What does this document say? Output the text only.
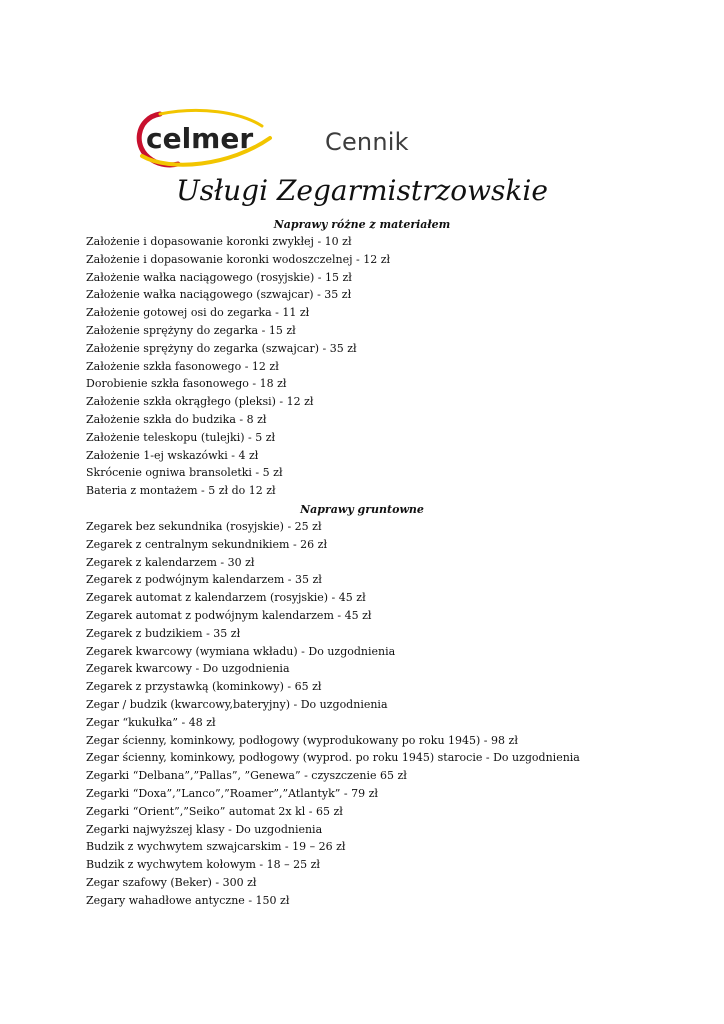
celmer	Cennik
Usługi Zegarmistrzowskie
Naprawy różne z materiałem
Założenie i dopasowanie koronki zwykłej - 10 zł
Założenie i dopasowanie koronki wodoszczelnej - 12 zł
Założenie wałka naciągowego (rosyjskie) - 15 zł
Założenie wałka naciągowego (szwajcar) - 35 zł
Założenie gotowej osi do zegarka - 11 zł
Założenie sprężyny do zegarka - 15 zł
Założenie sprężyny do zegarka (szwajcar) - 35 zł
Założenie szkła fasonowego - 12 zł
Dorobienie szkła fasonowego - 18 zł
Założenie szkła okrągłego (pleksi) - 12 zł
Założenie szkła do budzika - 8 zł
Założenie teleskopu (tulejki) - 5 zł
Założenie 1-ej wskazówki - 4 zł
Skrócenie ogniwa bransoletki - 5 zł
Bateria z montażem - 5 zł do 12 zł
Naprawy gruntowne
Zegarek bez sekundnika (rosyjskie) - 25 zł
Zegarek z centralnym sekundnikiem - 26 zł
Zegarek z kalendarzem - 30 zł
Zegarek z podwójnym kalendarzem - 35 zł
Zegarek automat z kalendarzem (rosyjskie) - 45 zł
Zegarek automat z podwójnym kalendarzem - 45 zł
Zegarek z budzikiem - 35 zł
Zegarek kwarcowy (wymiana wkładu) - Do uzgodnienia
Zegarek kwarcowy - Do uzgodnienia
Zegarek z przystawką (kominkowy) - 65 zł
Zegar / budzik (kwarcowy,bateryjny) - Do uzgodnienia
Zegar “kukułka” - 48 zł
Zegar ścienny, kominkowy, podłogowy (wyprodukowany po roku 1945) - 98 zł
Zegar ścienny, kominkowy, podłogowy (wyprod. po roku 1945) starocie - Do uzgodnienia
Zegarki “Delbana”,”Pallas”, ”Genewa” - czyszczenie 65 zł
Zegarki “Doxa”,”Lanco”,”Roamer”,”Atlantyk” - 79 zł
Zegarki “Orient”,”Seiko” automat 2x kl - 65 zł
Zegarki najwyższej klasy - Do uzgodnienia
Budzik z wychwytem szwajcarskim - 19 – 26 zł
Budzik z wychwytem kołowym - 18 – 25 zł
Zegar szafowy (Beker) - 300 zł
Zegary wahadłowe antyczne - 150 zł
